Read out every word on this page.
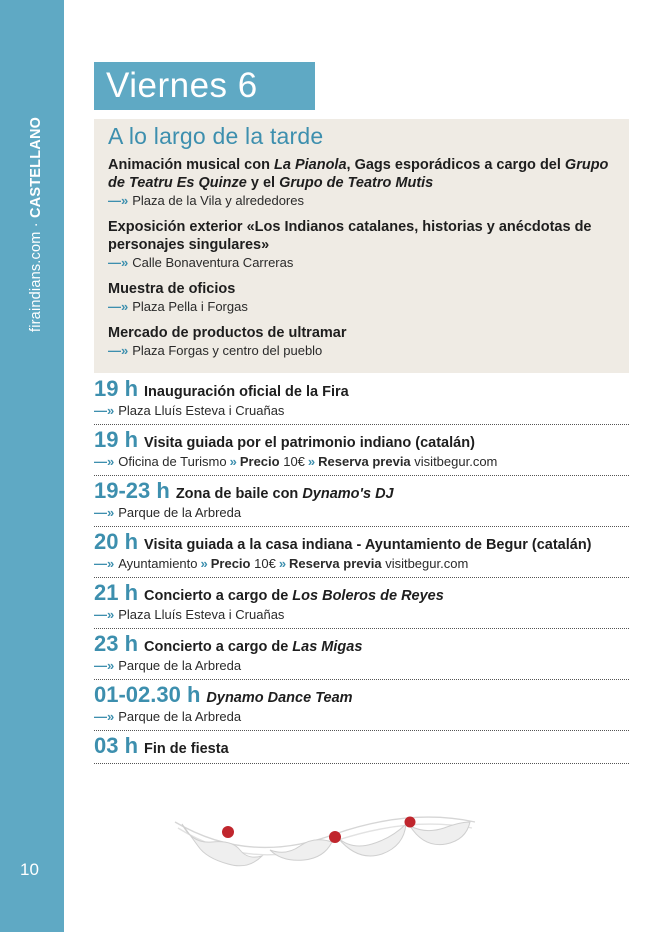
firaindians.com · CASTELLANO
10
Viernes 6
A lo largo de la tarde
Animación musical con La Pianola, Gags esporádicos a cargo del Grupo de Teatru Es Quinze y el Grupo de Teatro Mutis
—» Plaza de la Vila y alrededores
Exposición exterior «Los Indianos catalanes, historias y anécdotas de personajes singulares»
—» Calle Bonaventura Carreras
Muestra de oficios
—» Plaza Pella i Forgas
Mercado de productos de ultramar
—» Plaza Forgas y centro del pueblo
19 h Inauguración oficial de la Fira
—» Plaza Lluís Esteva i Cruañas
19 h Visita guiada por el patrimonio indiano (catalán)
—» Oficina de Turismo » Precio 10€ » Reserva previa visitbegur.com
19-23 h Zona de baile con Dynamo's DJ
—» Parque de la Arbreda
20 h Visita guiada a la casa indiana - Ayuntamiento de Begur (catalán)
—» Ayuntamiento » Precio 10€ » Reserva previa visitbegur.com
21 h Concierto a cargo de Los Boleros de Reyes
—» Plaza Lluís Esteva i Cruañas
23 h Concierto a cargo de Las Migas
—» Parque de la Arbreda
01-02.30 h Dynamo Dance Team
—» Parque de la Arbreda
03 h Fin de fiesta
